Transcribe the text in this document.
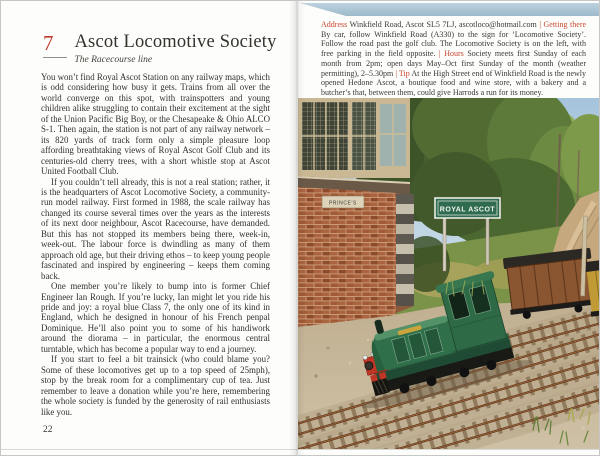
7	Ascot Locomotive Society
The Racecourse line

You won’t find Royal Ascot Station on any railway maps, which is odd considering how busy it gets. Trains from all over the world converge on this spot, with trainspotters and young children alike struggling to contain their excitement at the sight of the Union Pacific Big Boy, or the Chesapeake & Ohio ALCO S-1. Then again, the station is not part of any railway network – its 820 yards of track form only a simple pleasure loop affording breathtaking views of Royal Ascot Golf Club and its centuries-old cherry trees, with a short whistle stop at Ascot United Football Club.

If you couldn’t tell already, this is not a real station; rather, it is the headquarters of Ascot Locomotive Society, a community-run model railway. First formed in 1988, the scale railway has changed its course several times over the years as the interests of its next door neighbour, Ascot Racecourse, have demanded. But this has not stopped its members being there, week-in, week-out. The labour force is dwindling as many of them approach old age, but their driving ethos – to keep young people fascinated and inspired by engineering – keeps them coming back.

One member you’re likely to bump into is former Chief Engineer Ian Rough. If you’re lucky, Ian might let you ride his pride and joy: a royal blue Class 7, the only one of its kind in England, which he designed in honour of his French penpal Dominique. He’ll also point you to some of his handiwork around the diorama – in particular, the enormous central turntable, which has become a popular way to end a journey.

If you start to feel a bit trainsick (who could blame you? Some of these locomotives get up to a top speed of 25mph), stop by the break room for a complimentary cup of tea. Just remember to leave a donation while you’re here, remembering the whole society is funded by the generosity of rail enthusiasts like you.

22

Address Winkfield Road, Ascot SL5 7LJ, ascotloco@hotmail.com | Getting there By car, follow Winkfield Road (A330) to the sign for ‘Locomotive Society’. Follow the road past the golf club. The Locomotive Society is on the left, with free parking in the field opposite. | Hours Society meets first Sunday of each month from 2pm; open days May–Oct first Sunday of the month (weather permitting), 2–5.30pm | Tip At the High Street end of Winkfield Road is the newly opened Hedone Ascot, a boutique food and wine store, with a bakery and a butcher’s that, between them, could give Harrods a run for its money.

PRINCE'S
ROYAL ASCOT
